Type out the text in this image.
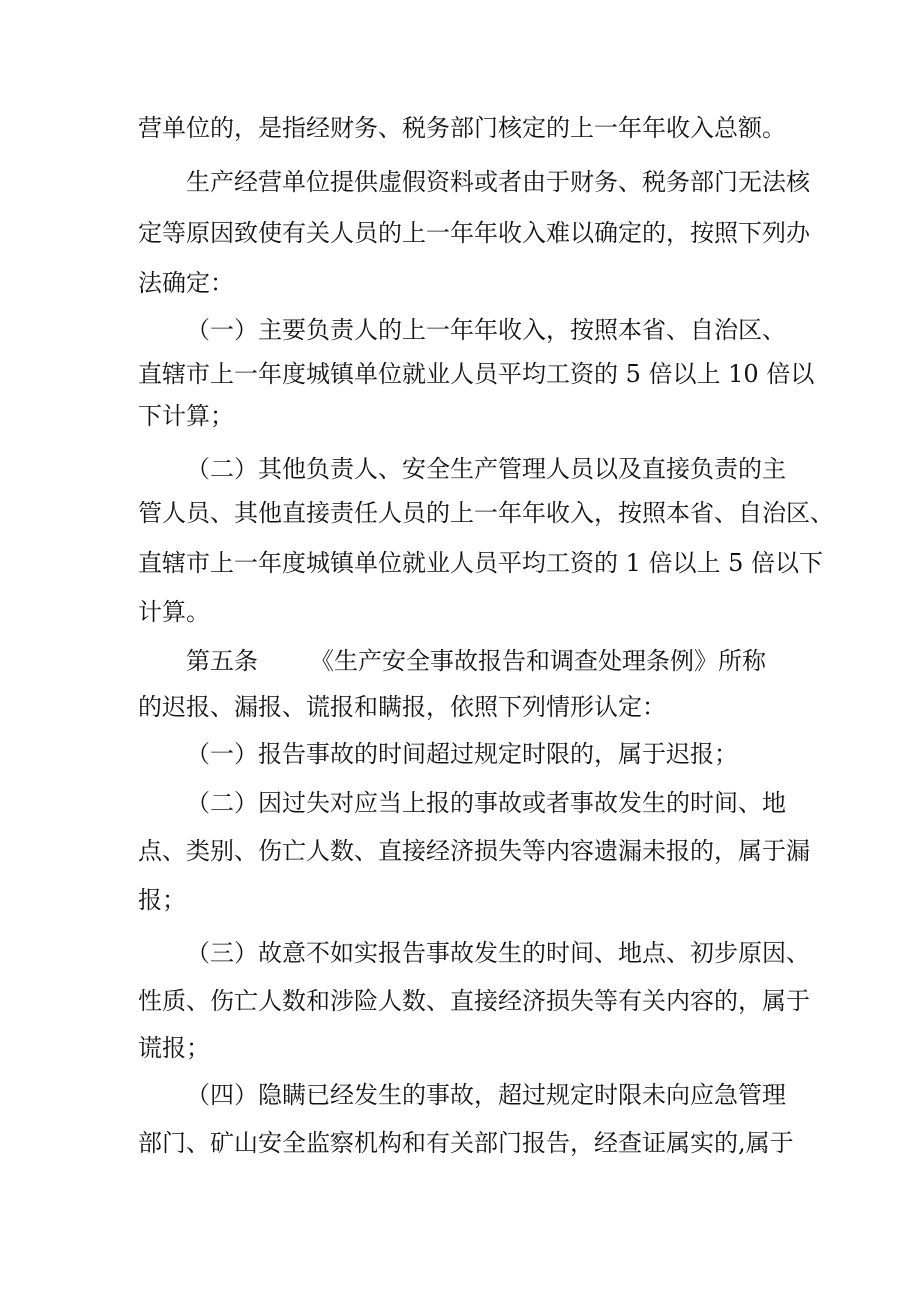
营单位的，是指经财务、税务部门核定的上一年年收入总额。
生产经营单位提供虚假资料或者由于财务、税务部门无法核
定等原因致使有关人员的上一年年收入难以确定的，按照下列办
法确定：
（一）主要负责人的上一年年收入，按照本省、自治区、
直辖市上一年度城镇单位就业人员平均工资的 5 倍以上 10 倍以
下计算；
（二）其他负责人、安全生产管理人员以及直接负责的主
管人员、其他直接责任人员的上一年年收入，按照本省、自治区、
直辖市上一年度城镇单位就业人员平均工资的 1 倍以上 5 倍以下
计算。
第五条 《生产安全事故报告和调查处理条例》所称
的迟报、漏报、谎报和瞒报，依照下列情形认定：
（一）报告事故的时间超过规定时限的，属于迟报；
（二）因过失对应当上报的事故或者事故发生的时间、地
点、类别、伤亡人数、直接经济损失等内容遗漏未报的，属于漏
报；
（三）故意不如实报告事故发生的时间、地点、初步原因、
性质、伤亡人数和涉险人数、直接经济损失等有关内容的，属于
谎报；
（四）隐瞒已经发生的事故，超过规定时限未向应急管理
部门、矿山安全监察机构和有关部门报告，经查证属实的,属于
